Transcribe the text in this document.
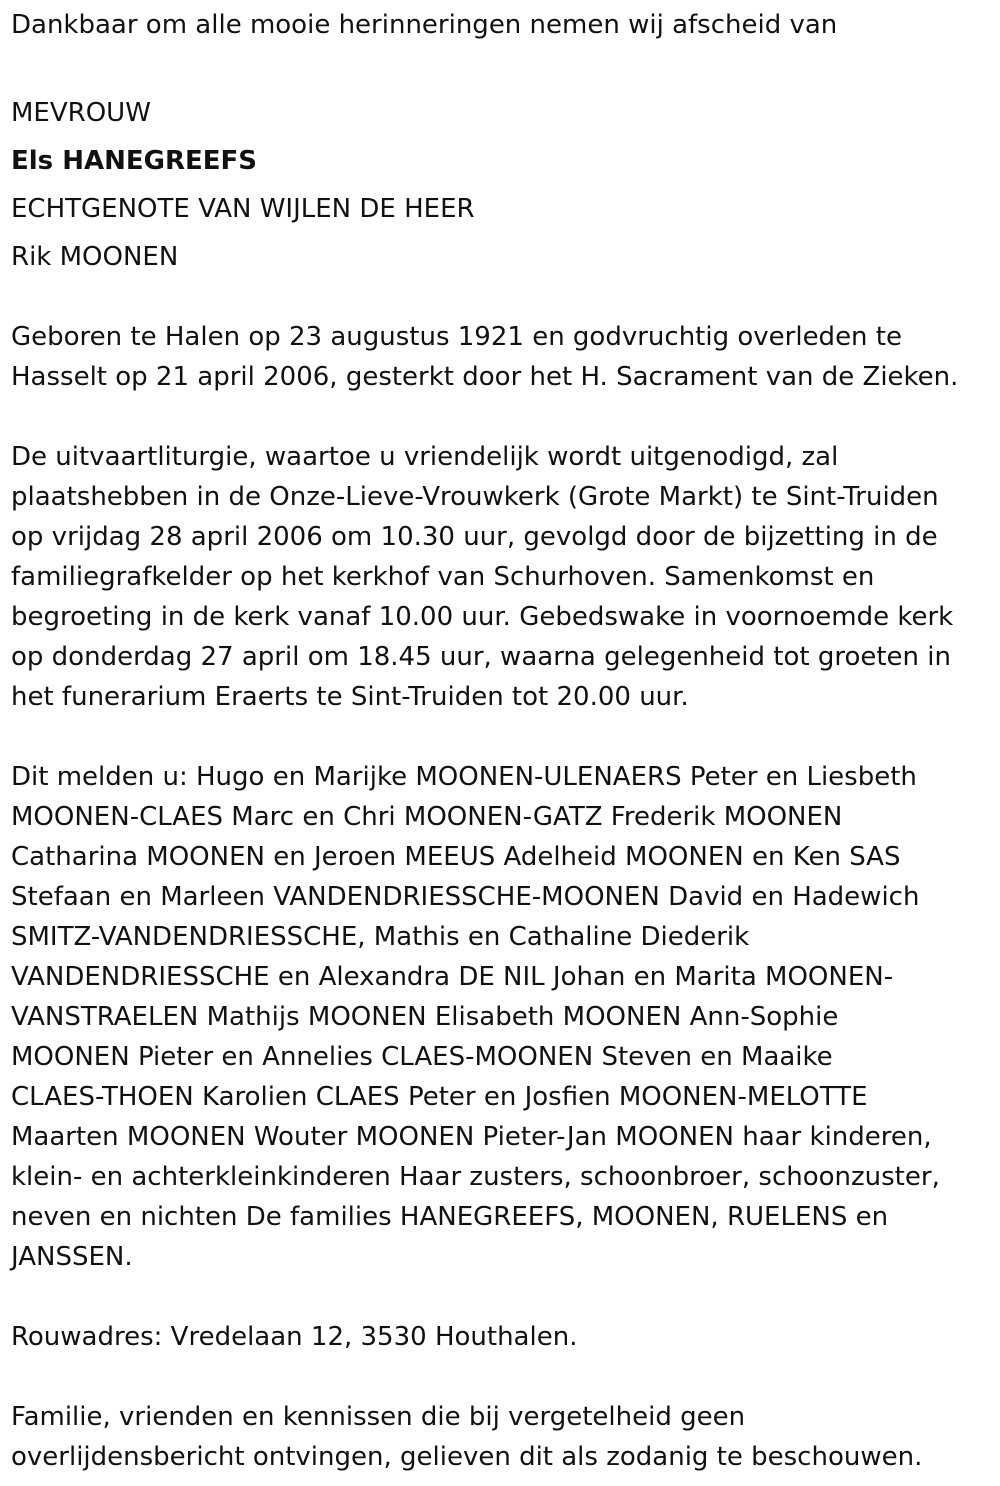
Dankbaar om alle mooie herinneringen nemen wij afscheid van

MEVROUW

Els HANEGREEFS

ECHTGENOTE VAN WIJLEN DE HEER

Rik MOONEN

Geboren te Halen op 23 augustus 1921 en godvruchtig overleden te

Hasselt op 21 april 2006, gesterkt door het H. Sacrament van de Zieken.

De uitvaartliturgie, waartoe u vriendelijk wordt uitgenodigd, zal

plaatshebben in de Onze-Lieve-Vrouwkerk (Grote Markt) te Sint-Truiden

op vrijdag 28 april 2006 om 10.30 uur, gevolgd door de bijzetting in de

familiegrafkelder op het kerkhof van Schurhoven. Samenkomst en

begroeting in de kerk vanaf 10.00 uur. Gebedswake in voornoemde kerk

op donderdag 27 april om 18.45 uur, waarna gelegenheid tot groeten in

het funerarium Eraerts te Sint-Truiden tot 20.00 uur.

Dit melden u: Hugo en Marijke MOONEN-ULENAERS Peter en Liesbeth

MOONEN-CLAES Marc en Chri MOONEN-GATZ Frederik MOONEN

Catharina MOONEN en Jeroen MEEUS Adelheid MOONEN en Ken SAS

Stefaan en Marleen VANDENDRIESSCHE-MOONEN David en Hadewich

SMITZ-VANDENDRIESSCHE, Mathis en Cathaline Diederik

VANDENDRIESSCHE en Alexandra DE NIL Johan en Marita MOONEN-

VANSTRAELEN Mathijs MOONEN Elisabeth MOONEN Ann-Sophie

MOONEN Pieter en Annelies CLAES-MOONEN Steven en Maaike

CLAES-THOEN Karolien CLAES Peter en Josfien MOONEN-MELOTTE

Maarten MOONEN Wouter MOONEN Pieter-Jan MOONEN haar kinderen,

klein- en achterkleinkinderen Haar zusters, schoonbroer, schoonzuster,

neven en nichten De families HANEGREEFS, MOONEN, RUELENS en

JANSSEN.

Rouwadres: Vredelaan 12, 3530 Houthalen.

Familie, vrienden en kennissen die bij vergetelheid geen

overlijdensbericht ontvingen, gelieven dit als zodanig te beschouwen.
